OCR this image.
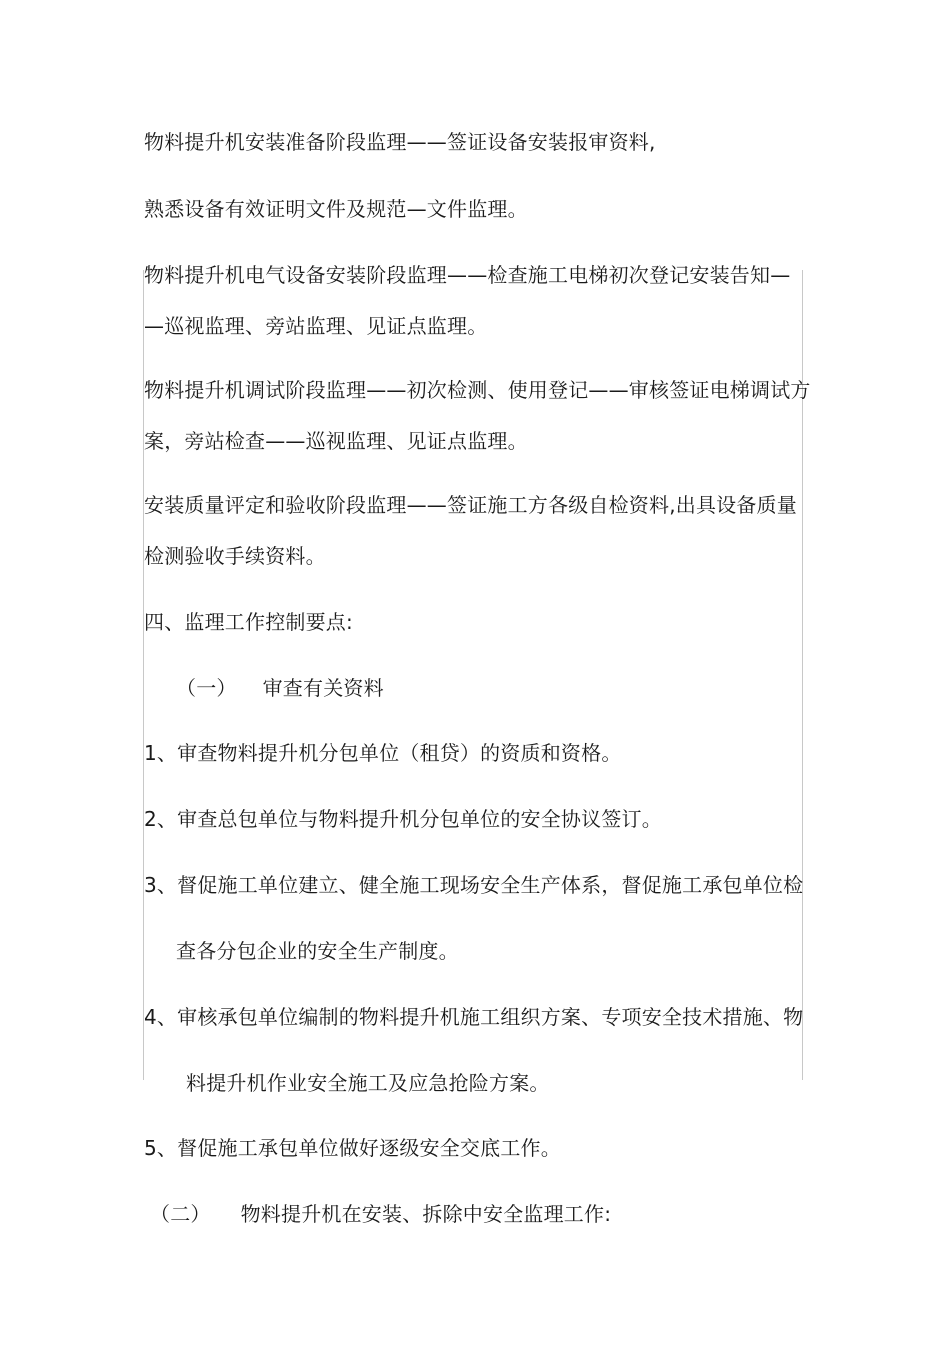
物料提升机安装准备阶段监理——签证设备安装报审资料,

熟悉设备有效证明文件及规范—文件监理。

物料提升机电气设备安装阶段监理——检查施工电梯初次登记安装告知—

—巡视监理、旁站监理、见证点监理。

物料提升机调试阶段监理——初次检测、使用登记——审核签证电梯调试方

案，旁站检查——巡视监理、见证点监理。

安装质量评定和验收阶段监理——签证施工方各级自检资料,出具设备质量

检测验收手续资料。

四、监理工作控制要点:

（一） 审查有关资料

1、审查物料提升机分包单位（租贷）的资质和资格。

2、审查总包单位与物料提升机分包单位的安全协议签订。

3、督促施工单位建立、健全施工现场安全生产体系，督促施工承包单位检

查各分包企业的安全生产制度。

4、审核承包单位编制的物料提升机施工组织方案、专项安全技术措施、物

料提升机作业安全施工及应急抢险方案。

5、督促施工承包单位做好逐级安全交底工作。

（二） 物料提升机在安装、拆除中安全监理工作:
